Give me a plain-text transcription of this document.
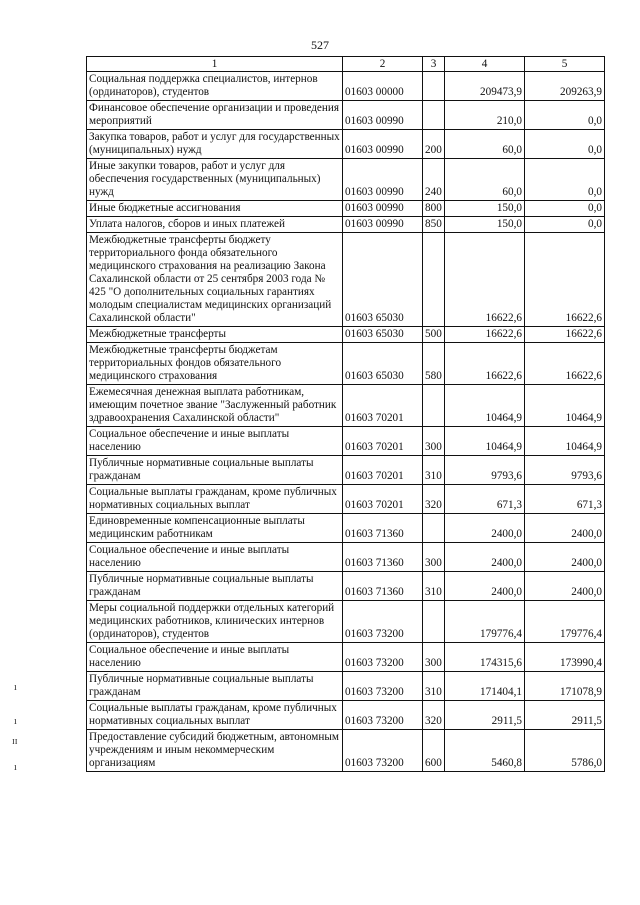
527
1	2	3	4	5
Социальная поддержка специалистов, интернов (ординаторов), студентов	01603 00000		209473,9	209263,9
Финансовое обеспечение организации и проведения мероприятий	01603 00990		210,0	0,0
Закупка товаров, работ и услуг для государственных (муниципальных) нужд	01603 00990	200	60,0	0,0
Иные закупки товаров, работ и услуг для обеспечения государственных (муниципальных) нужд	01603 00990	240	60,0	0,0
Иные бюджетные ассигнования	01603 00990	800	150,0	0,0
Уплата налогов, сборов и иных платежей	01603 00990	850	150,0	0,0
Межбюджетные трансферты бюджету территориального фонда обязательного медицинского страхования на реализацию Закона Сахалинской области от 25 сентября 2003 года № 425 "О дополнительных социальных гарантиях молодым специалистам медицинских организаций Сахалинской области"	01603 65030		16622,6	16622,6
Межбюджетные трансферты	01603 65030	500	16622,6	16622,6
Межбюджетные трансферты бюджетам территориальных фондов обязательного медицинского страхования	01603 65030	580	16622,6	16622,6
Ежемесячная денежная выплата работникам, имеющим почетное звание "Заслуженный работник здравоохранения Сахалинской области"	01603 70201		10464,9	10464,9
Социальное обеспечение и иные выплаты населению	01603 70201	300	10464,9	10464,9
Публичные нормативные социальные выплаты гражданам	01603 70201	310	9793,6	9793,6
Социальные выплаты гражданам, кроме публичных нормативных социальных выплат	01603 70201	320	671,3	671,3
Единовременные компенсационные выплаты медицинским работникам	01603 71360		2400,0	2400,0
Социальное обеспечение и иные выплаты населению	01603 71360	300	2400,0	2400,0
Публичные нормативные социальные выплаты гражданам	01603 71360	310	2400,0	2400,0
Меры социальной поддержки отдельных категорий медицинских работников, клинических интернов (ординаторов), студентов	01603 73200		179776,4	179776,4
Социальное обеспечение и иные выплаты населению	01603 73200	300	174315,6	173990,4
Публичные нормативные социальные выплаты гражданам	01603 73200	310	171404,1	171078,9
Социальные выплаты гражданам, кроме публичных нормативных социальных выплат	01603 73200	320	2911,5	2911,5
Предоставление субсидий бюджетным, автономным учреждениям и иным некоммерческим организациям	01603 73200	600	5460,8	5786,0
ı
ı
ɪɪ
ı
